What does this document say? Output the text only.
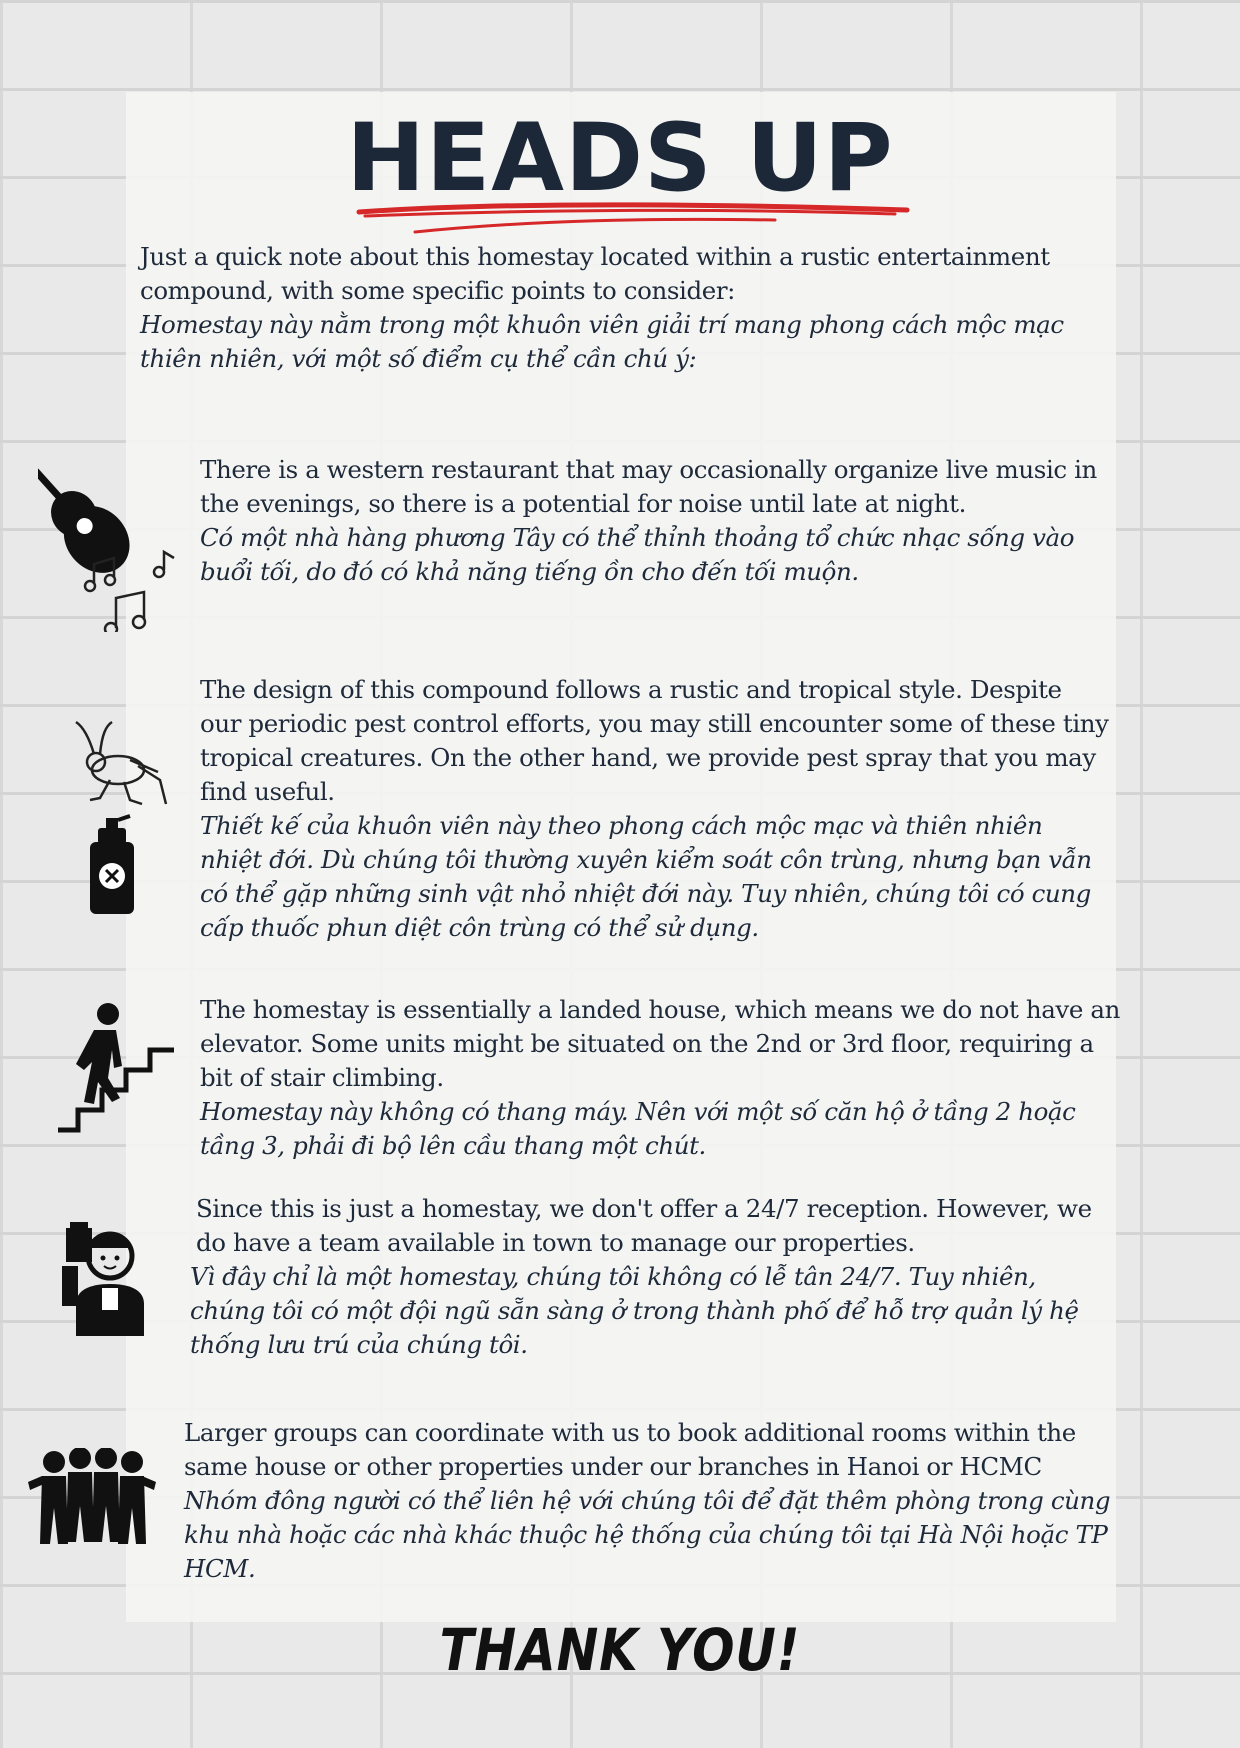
HEADS UP

Just a quick note about this homestay located within a rustic entertainment compound, with some specific points to consider:

Homestay này nằm trong một khuôn viên giải trí mang phong cách mộc mạc thiên nhiên, với một số điểm cụ thể cần chú ý:

There is a western restaurant that may occasionally organize live music in the evenings, so there is a potential for noise until late at night.

Có một nhà hàng phương Tây có thể thỉnh thoảng tổ chức nhạc sống vào buổi tối, do đó có khả năng tiếng ồn cho đến tối muộn.

The design of this compound follows a rustic and tropical style. Despite our periodic pest control efforts, you may still encounter some of these tiny tropical creatures. On the other hand, we provide pest spray that you may find useful.

Thiết kế của khuôn viên này theo phong cách mộc mạc và thiên nhiên nhiệt đới. Dù chúng tôi thường xuyên kiểm soát côn trùng, nhưng bạn vẫn có thể gặp những sinh vật nhỏ nhiệt đới này. Tuy nhiên, chúng tôi có cung cấp thuốc phun diệt côn trùng có thể sử dụng.

The homestay is essentially a landed house, which means we do not have an elevator. Some units might be situated on the 2nd or 3rd floor, requiring a bit of stair climbing.

Homestay này không có thang máy. Nên với một số căn hộ ở tầng 2 hoặc tầng 3, phải đi bộ lên cầu thang một chút.

Since this is just a homestay, we don't offer a 24/7 reception. However, we do have a team available in town to manage our properties.

Vì đây chỉ là một homestay, chúng tôi không có lễ tân 24/7. Tuy nhiên, chúng tôi có một đội ngũ sẵn sàng ở trong thành phố để hỗ trợ quản lý hệ thống lưu trú của chúng tôi.

Larger groups can coordinate with us to book additional rooms within the same house or other properties under our branches in Hanoi or HCMC

Nhóm đông người có thể liên hệ với chúng tôi để đặt thêm phòng trong cùng khu nhà hoặc các nhà khác thuộc hệ thống của chúng tôi tại Hà Nội hoặc TP HCM.

THANK YOU!
